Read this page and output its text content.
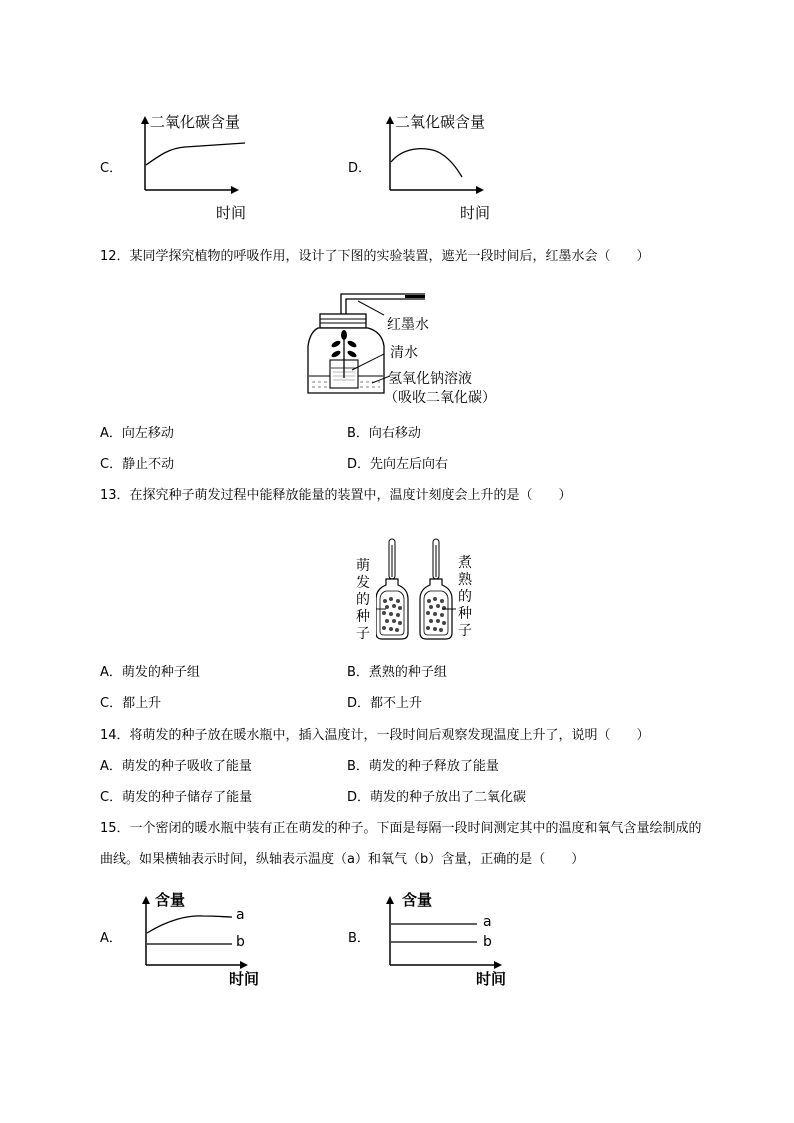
C．
二氧化碳含量
时间
D．
二氧化碳含量
时间
12．某同学探究植物的呼吸作用，设计了下图的实验装置，遮光一段时间后，红墨水会（　　）
红墨水
清水
氢氧化钠溶液
（吸收二氧化碳）
A．向左移动	B．向右移动
C．静止不动	D．先向左后向右
13．在探究种子萌发过程中能释放能量的装置中，温度计刻度会上升的是（　　）
萌发的种子
煮熟的种子
A．萌发的种子组	B．煮熟的种子组
C．都上升	D．都不上升
14．将萌发的种子放在暖水瓶中，插入温度计，一段时间后观察发现温度上升了，说明（　　）
A．萌发的种子吸收了能量	B．萌发的种子释放了能量
C．萌发的种子储存了能量	D．萌发的种子放出了二氧化碳
15．一个密闭的暖水瓶中装有正在萌发的种子。下面是每隔一段时间测定其中的温度和氧气含量绘制成的
曲线。如果横轴表示时间，纵轴表示温度（a）和氧气（b）含量，正确的是（　　）
A．
含量
a
b
时间
B．
含量
a
b
时间
